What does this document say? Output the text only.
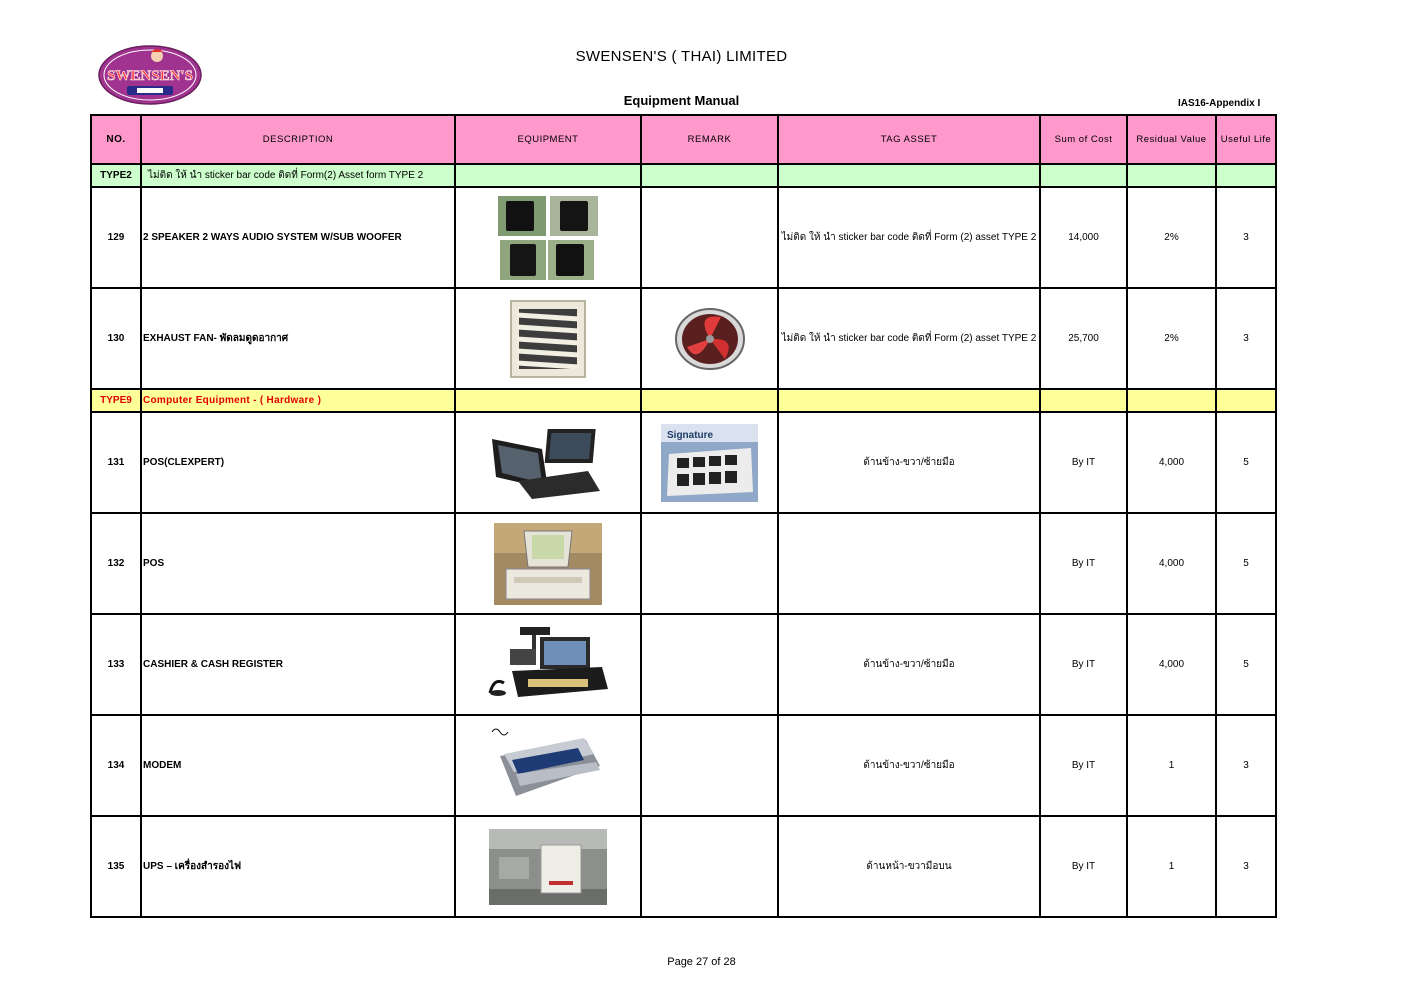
SWENSEN'S
SWENSEN'S ( THAI) LIMITED
Equipment Manual	IAS16-Appendix I
NO.	DESCRIPTION	EQUIPMENT	REMARK	TAG ASSET	Sum of Cost	Residual Value	Useful Life
TYPE2	ไม่ติด ให้ นำ sticker bar code ติดที่ Form(2) Asset form TYPE 2						
129	2 SPEAKER 2 WAYS AUDIO SYSTEM W/SUB WOOFER			ไม่ติด ให้ นำ sticker bar code ติดที่ Form (2) asset TYPE 2	14,000	2%	3
130	EXHAUST FAN- พัดลมดูดอากาศ			ไม่ติด ให้ นำ sticker bar code ติดที่ Form (2) asset TYPE 2	25,700	2%	3
TYPE9	Computer Equipment - ( Hardware )						
131	POS(CLEXPERT)		Signature	ด้านข้าง-ขวา/ซ้ายมือ	By IT	4,000	5
132	POS				By IT	4,000	5
133	CASHIER & CASH REGISTER			ด้านข้าง-ขวา/ซ้ายมือ	By IT	4,000	5
134	MODEM			ด้านข้าง-ขวา/ซ้ายมือ	By IT	1	3
135	UPS – เครื่องสำรองไฟ			ด้านหน้า-ขวามือบน	By IT	1	3
Page 27 of 28
